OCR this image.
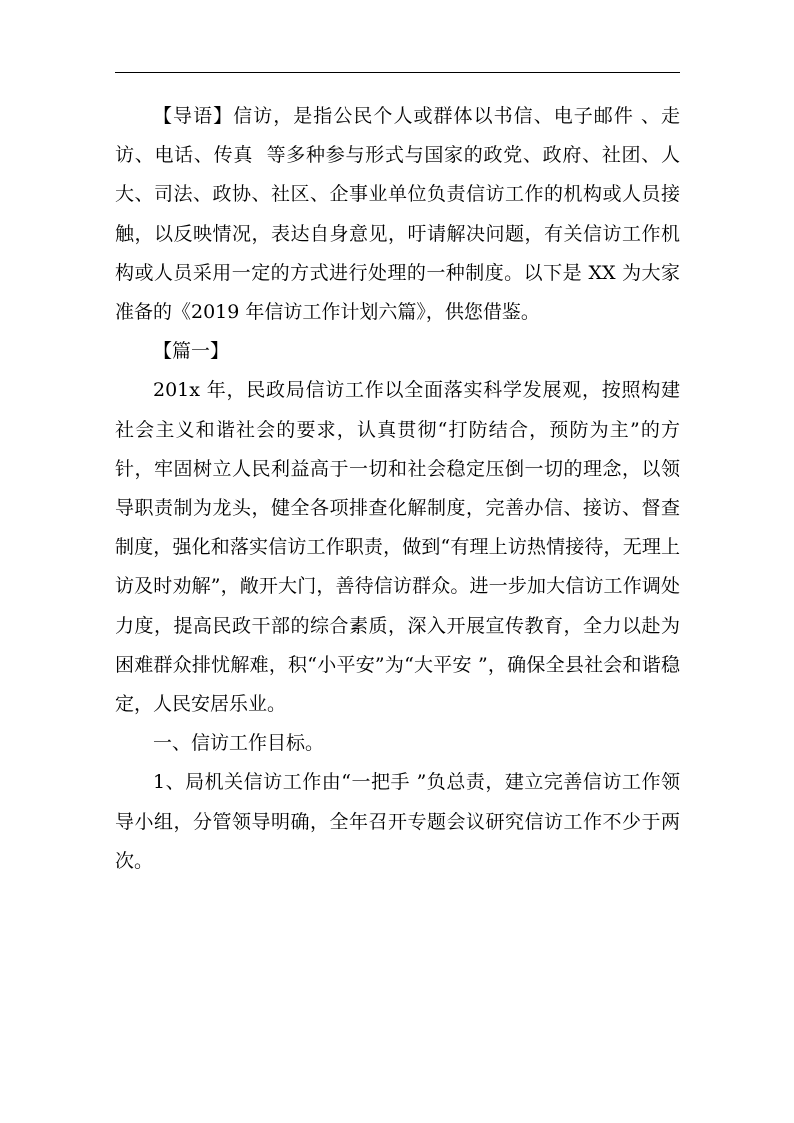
【导语】信访，是指公民个人或群体以书信、电子邮件 、走访、电话、传真  等多种参与形式与国家的政党、政府、社团、人大、司法、政协、社区、企事业单位负责信访工作的机构或人员接触，以反映情况，表达自身意见，吁请解决问题，有关信访工作机构或人员采用一定的方式进行处理的一种制度。以下是 XX 为大家准备的《2019 年信访工作计划六篇》，供您借鉴。

【篇一】

201x 年，民政局信访工作以全面落实科学发展观，按照构建社会主义和谐社会的要求，认真贯彻“打防结合，预防为主”的方针，牢固树立人民利益高于一切和社会稳定压倒一切的理念，以领导职责制为龙头，健全各项排查化解制度，完善办信、接访、督查制度，强化和落实信访工作职责，做到“有理上访热情接待，无理上访及时劝解”，敞开大门，善待信访群众。进一步加大信访工作调处力度，提高民政干部的综合素质，深入开展宣传教育，全力以赴为困难群众排忧解难，积“小平安”为“大平安 ”，确保全县社会和谐稳定，人民安居乐业。

一、信访工作目标。

1、局机关信访工作由“一把手 ”负总责，建立完善信访工作领导小组，分管领导明确，全年召开专题会议研究信访工作不少于两次。
